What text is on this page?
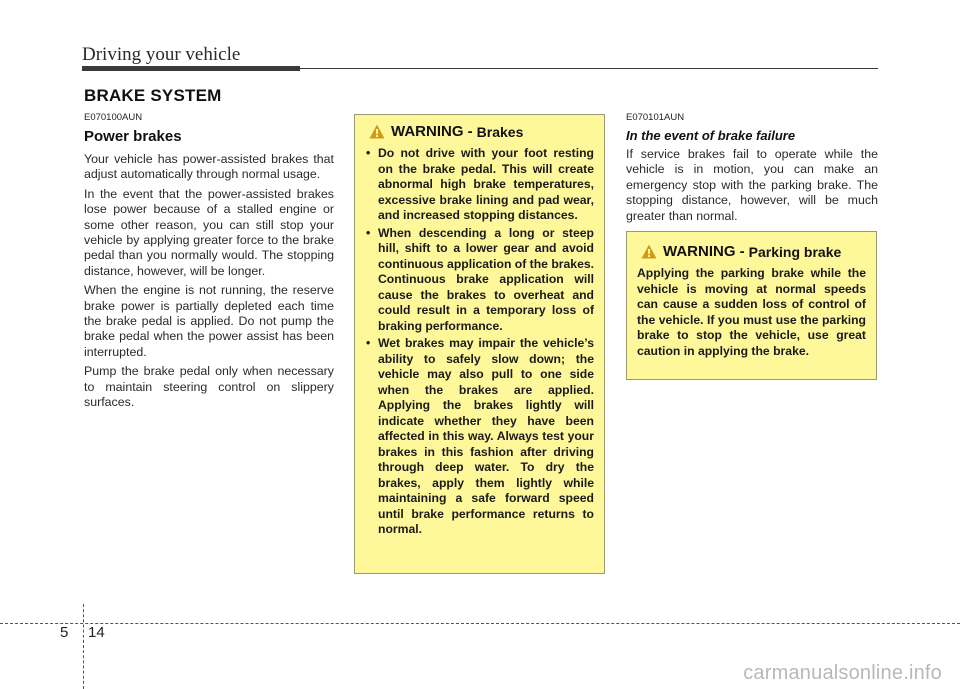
Driving your vehicle
BRAKE SYSTEM
E070100AUN
Power brakes

Your vehicle has power-assisted brakes that adjust automatically through normal usage.

In the event that the power-assisted brakes lose power because of a stalled engine or some other reason, you can still stop your vehicle by applying greater force to the brake pedal than you normally would. The stopping distance, however, will be longer.

When the engine is not running, the reserve brake power is partially depleted each time the brake pedal is applied. Do not pump the brake pedal when the power assist has been interrupted.

Pump the brake pedal only when necessary to maintain steering control on slippery surfaces.

WARNING - Brakes
• Do not drive with your foot resting on the brake pedal. This will create abnormal high brake temperatures, excessive brake lining and pad wear, and increased stopping distances.
• When descending a long or steep hill, shift to a lower gear and avoid continuous application of the brakes. Continuous brake application will cause the brakes to overheat and could result in a temporary loss of braking performance.
• Wet brakes may impair the vehicle’s ability to safely slow down; the vehicle may also pull to one side when the brakes are applied. Applying the brakes lightly will indicate whether they have been affected in this way. Always test your brakes in this fashion after driving through deep water. To dry the brakes, apply them lightly while maintaining a safe forward speed until brake performance returns to normal.
E070101AUN
In the event of brake failure

If service brakes fail to operate while the vehicle is in motion, you can make an emergency stop with the parking brake. The stopping distance, however, will be much greater than normal.

WARNING - Parking brake

Applying the parking brake while the vehicle is moving at normal speeds can cause a sudden loss of control of the vehicle. If you must use the parking brake to stop the vehicle, use great caution in applying the brake.

5 14
carmanualsonline.info
